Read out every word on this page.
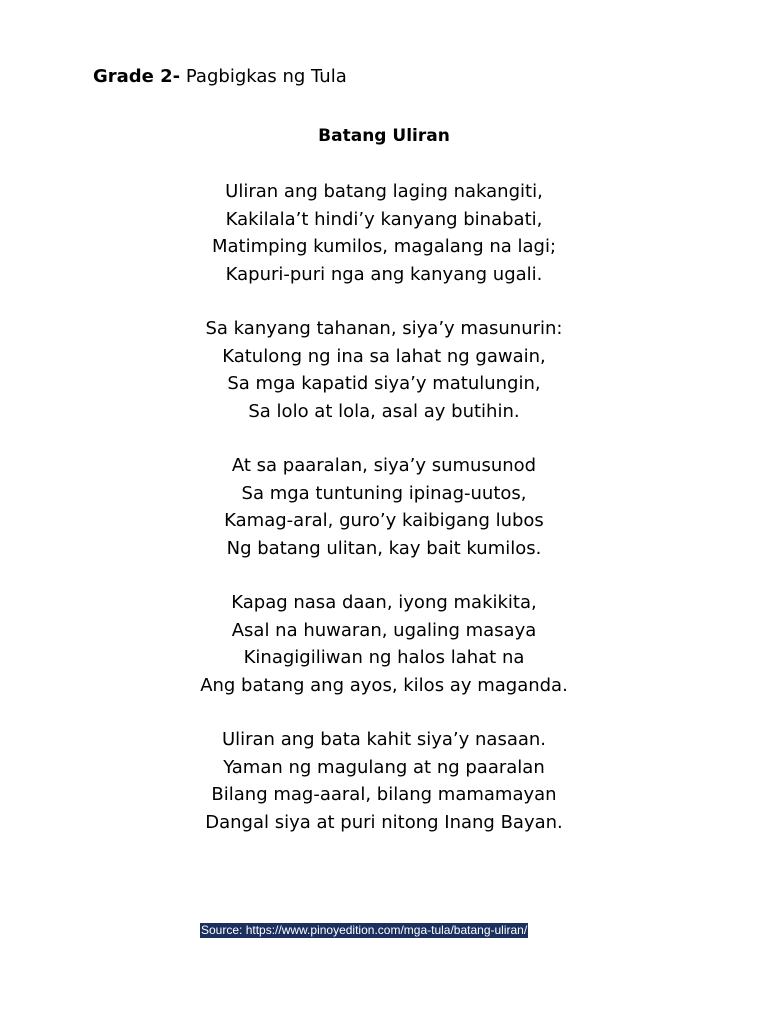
Grade 2- Pagbigkas ng Tula
Batang Uliran
Uliran ang batang laging nakangiti,
Kakilala’t hindi’y kanyang binabati,
Matimping kumilos, magalang na lagi;
Kapuri-puri nga ang kanyang ugali.
Sa kanyang tahanan, siya’y masunurin:
Katulong ng ina sa lahat ng gawain,
Sa mga kapatid siya’y matulungin,
Sa lolo at lola, asal ay butihin.
At sa paaralan, siya’y sumusunod
Sa mga tuntuning ipinag-uutos,
Kamag-aral, guro’y kaibigang lubos
Ng batang ulitan, kay bait kumilos.
Kapag nasa daan, iyong makikita,
Asal na huwaran, ugaling masaya
Kinagigiliwan ng halos lahat na
Ang batang ang ayos, kilos ay maganda.
Uliran ang bata kahit siya’y nasaan.
Yaman ng magulang at ng paaralan
Bilang mag-aaral, bilang mamamayan
Dangal siya at puri nitong Inang Bayan.
Source: https://www.pinoyedition.com/mga-tula/batang-uliran/
